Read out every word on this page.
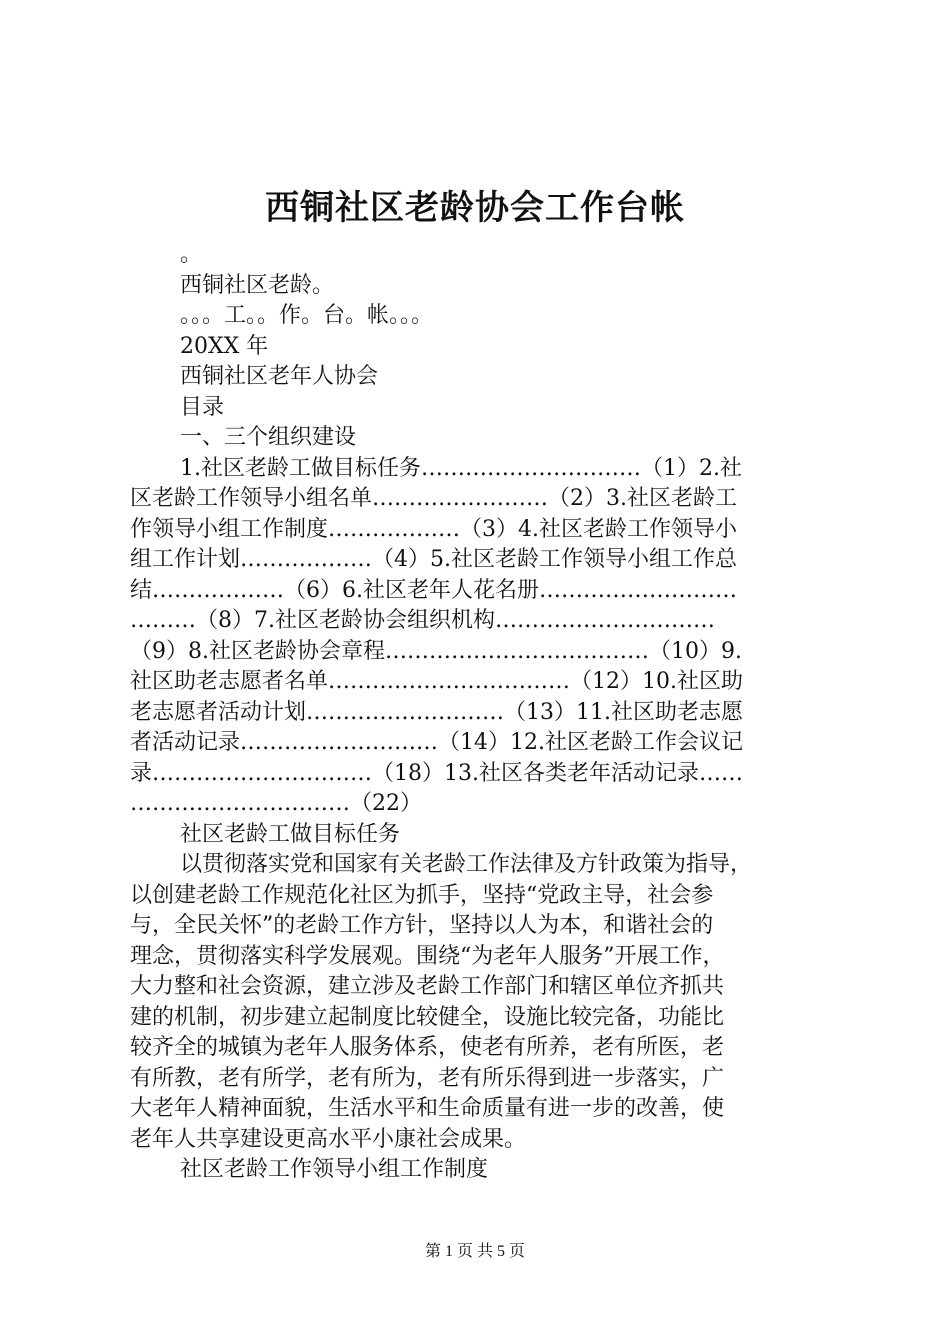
西铜社区老龄协会工作台帐
。
西铜社区老龄。
。。。工。。作。台。帐。。。
20XX 年
西铜社区老年人协会
目录
一、三个组织建设
1.社区老龄工做目标任务…………………………（1）2.社
区老龄工作领导小组名单……………………（2）3.社区老龄工
作领导小组工作制度………………（3）4.社区老龄工作领导小
组工作计划………………（4）5.社区老龄工作领导小组工作总
结………………（6）6.社区老年人花名册………………………
………（8）7.社区老龄协会组织机构…………………………
（9）8.社区老龄协会章程………………………………（10）9.
社区助老志愿者名单……………………………（12）10.社区助
老志愿者活动计划………………………（13）11.社区助老志愿
者活动记录………………………（14）12.社区老龄工作会议记
录…………………………（18）13.社区各类老年活动记录……
…………………………（22）
社区老龄工做目标任务
以贯彻落实党和国家有关老龄工作法律及方针政策为指导，
以创建老龄工作规范化社区为抓手，坚持“党政主导，社会参
与，全民关怀”的老龄工作方针，坚持以人为本，和谐社会的
理念，贯彻落实科学发展观。围绕“为老年人服务”开展工作，
大力整和社会资源，建立涉及老龄工作部门和辖区单位齐抓共
建的机制，初步建立起制度比较健全，设施比较完备，功能比
较齐全的城镇为老年人服务体系，使老有所养，老有所医，老
有所教，老有所学，老有所为，老有所乐得到进一步落实，广
大老年人精神面貌，生活水平和生命质量有进一步的改善，使
老年人共享建设更高水平小康社会成果。
社区老龄工作领导小组工作制度
第 1 页 共 5 页
